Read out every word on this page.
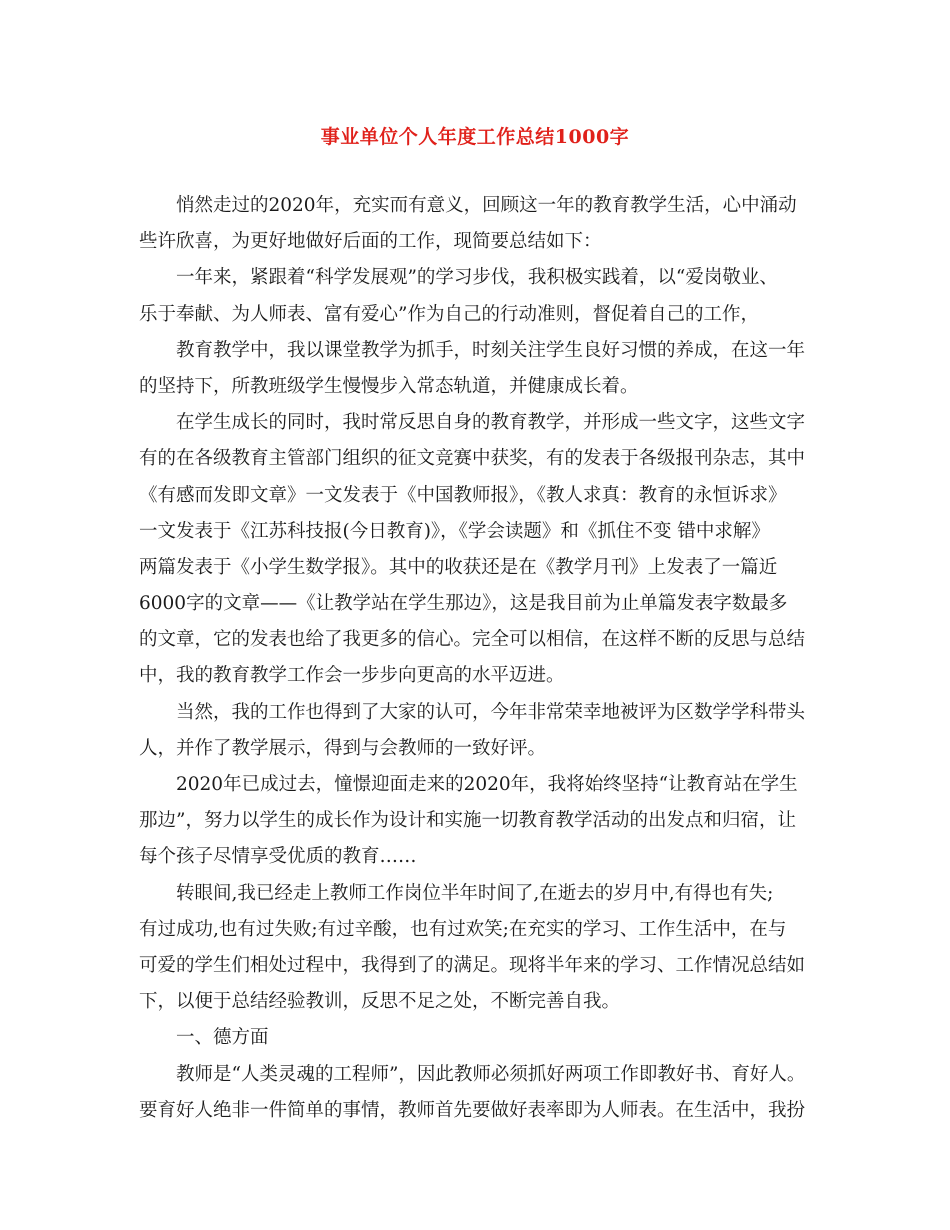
事业单位个人年度工作总结1000字
悄然走过的2020年，充实而有意义，回顾这一年的教育教学生活，心中涌动
些许欣喜，为更好地做好后面的工作，现简要总结如下：
一年来，紧跟着“科学发展观”的学习步伐，我积极实践着，以“爱岗敬业、
乐于奉献、为人师表、富有爱心”作为自己的行动准则，督促着自己的工作，
教育教学中，我以课堂教学为抓手，时刻关注学生良好习惯的养成，在这一年
的坚持下，所教班级学生慢慢步入常态轨道，并健康成长着。
在学生成长的同时，我时常反思自身的教育教学，并形成一些文字，这些文字
有的在各级教育主管部门组织的征文竞赛中获奖，有的发表于各级报刊杂志，其中
《有感而发即文章》一文发表于《中国教师报》，《教人求真：教育的永恒诉求》
一文发表于《江苏科技报(今日教育)》，《学会读题》和《抓住不变 错中求解》
两篇发表于《小学生数学报》。其中的收获还是在《教学月刊》上发表了一篇近
6000字的文章——《让教学站在学生那边》，这是我目前为止单篇发表字数最多
的文章，它的发表也给了我更多的信心。完全可以相信，在这样不断的反思与总结
中，我的教育教学工作会一步步向更高的水平迈进。
当然，我的工作也得到了大家的认可，今年非常荣幸地被评为区数学学科带头
人，并作了教学展示，得到与会教师的一致好评。
2020年已成过去，憧憬迎面走来的2020年，我将始终坚持“让教育站在学生
那边”，努力以学生的成长作为设计和实施一切教育教学活动的出发点和归宿，让
每个孩子尽情享受优质的教育……
转眼间,我已经走上教师工作岗位半年时间了,在逝去的岁月中,有得也有失;
有过成功,也有过失败;有过辛酸，也有过欢笑;在充实的学习、工作生活中，在与
可爱的学生们相处过程中，我得到了的满足。现将半年来的学习、工作情况总结如
下，以便于总结经验教训，反思不足之处，不断完善自我。
一、德方面
教师是“人类灵魂的工程师”，因此教师必须抓好两项工作即教好书、育好人。
要育好人绝非一件简单的事情，教师首先要做好表率即为人师表。在生活中，我扮
